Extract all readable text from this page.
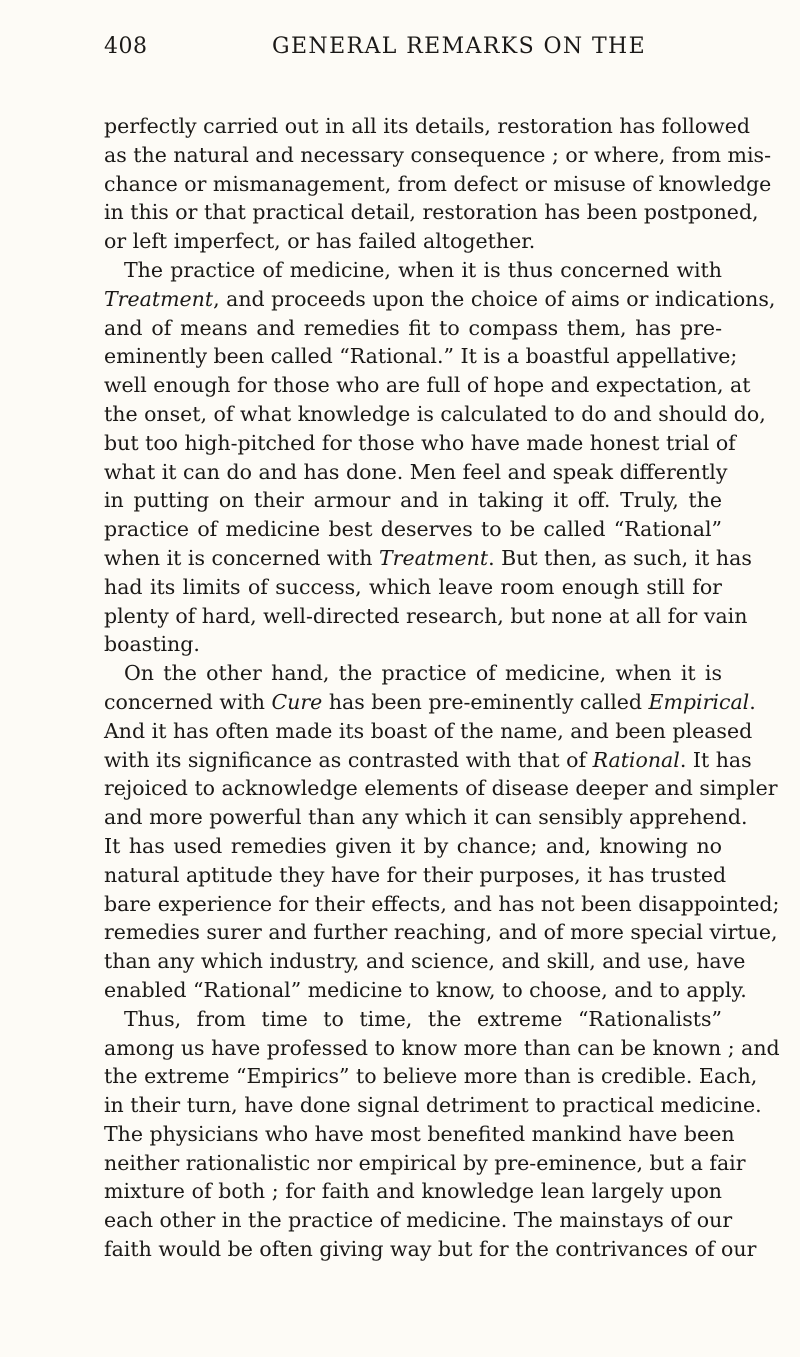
408	GENERAL REMARKS ON THE
perfectly carried out in all its details, restoration has followed
as the natural and necessary consequence ; or where, from mis-
chance or mismanagement, from defect or misuse of knowledge
in this or that practical detail, restoration has been postponed,
or left imperfect, or has failed altogether.
The practice of medicine, when it is thus concerned with
Treatment, and proceeds upon the choice of aims or indications,
and of means and remedies fit to compass them, has pre-
eminently been called “Rational.” It is a boastful appellative;
well enough for those who are full of hope and expectation, at
the onset, of what knowledge is calculated to do and should do,
but too high-pitched for those who have made honest trial of
what it can do and has done. Men feel and speak differently
in putting on their armour and in taking it off. Truly, the
practice of medicine best deserves to be called “Rational”
when it is concerned with Treatment. But then, as such, it has
had its limits of success, which leave room enough still for
plenty of hard, well-directed research, but none at all for vain
boasting.
On the other hand, the practice of medicine, when it is
concerned with Cure has been pre-eminently called Empirical.
And it has often made its boast of the name, and been pleased
with its significance as contrasted with that of Rational. It has
rejoiced to acknowledge elements of disease deeper and simpler
and more powerful than any which it can sensibly apprehend.
It has used remedies given it by chance; and, knowing no
natural aptitude they have for their purposes, it has trusted
bare experience for their effects, and has not been disappointed;
remedies surer and further reaching, and of more special virtue,
than any which industry, and science, and skill, and use, have
enabled “Rational” medicine to know, to choose, and to apply.
Thus, from time to time, the extreme “Rationalists”
among us have professed to know more than can be known ; and
the extreme “Empirics” to believe more than is credible. Each,
in their turn, have done signal detriment to practical medicine.
The physicians who have most benefited mankind have been
neither rationalistic nor empirical by pre-eminence, but a fair
mixture of both ; for faith and knowledge lean largely upon
each other in the practice of medicine. The mainstays of our
faith would be often giving way but for the contrivances of our
